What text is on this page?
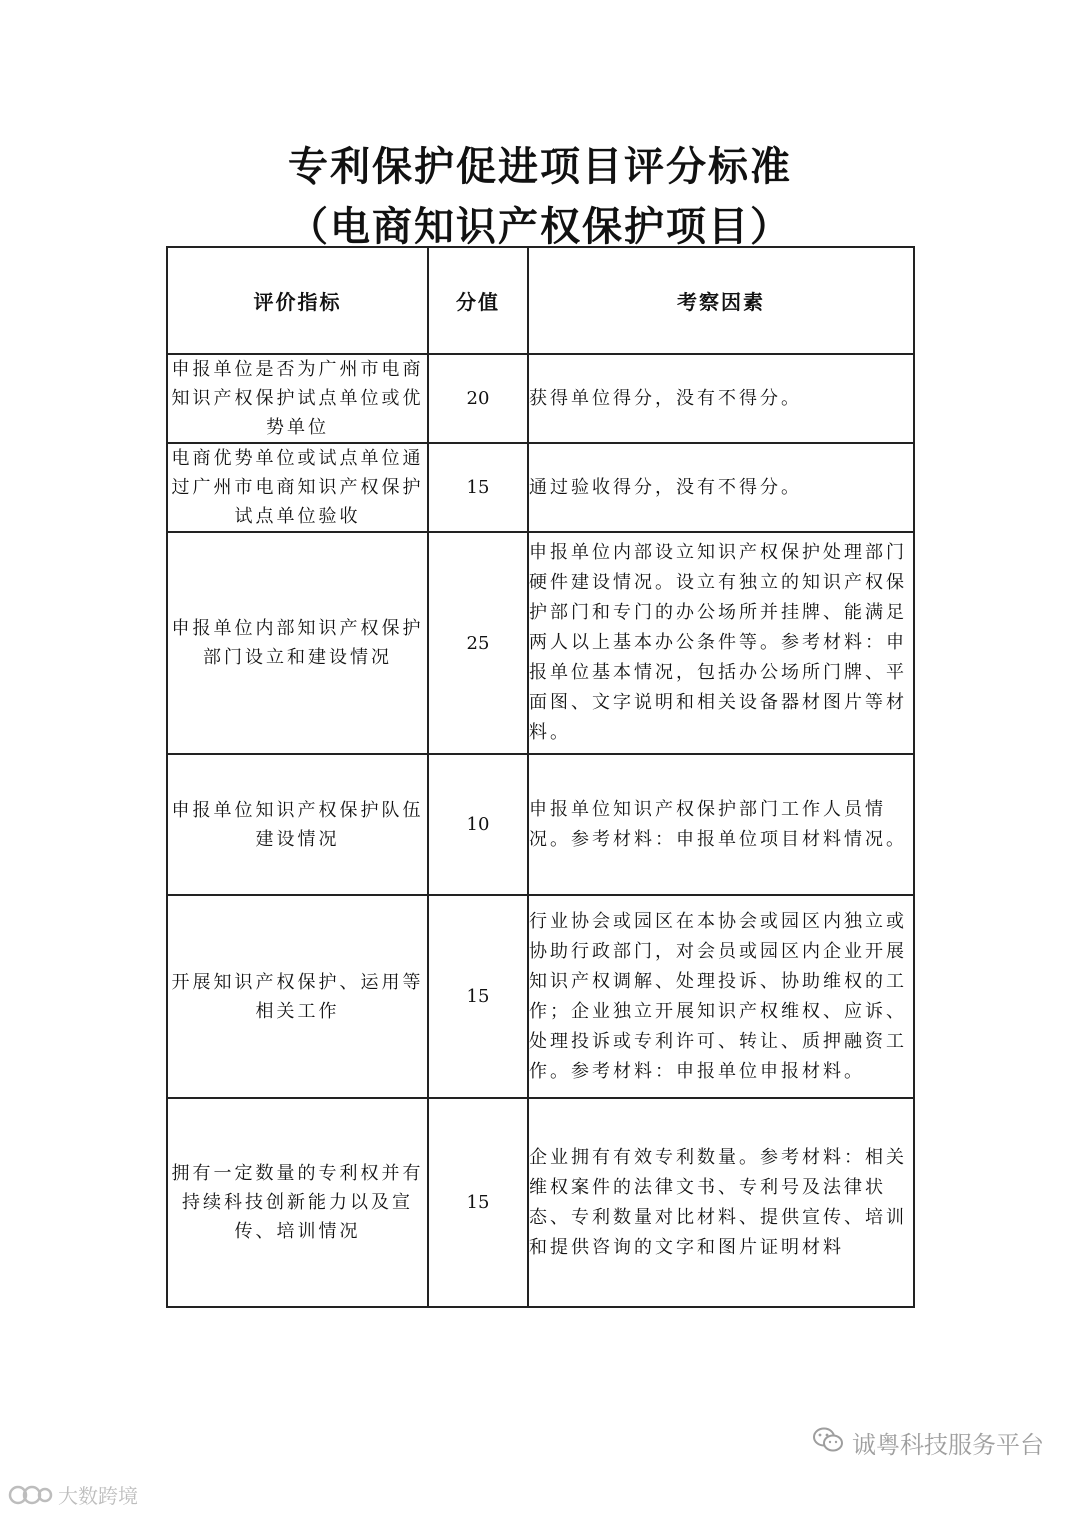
专利保护促进项目评分标准
（电商知识产权保护项目）
评价指标	分值	考察因素
申报单位是否为广州市电商知识产权保护试点单位或优势单位	20	获得单位得分，没有不得分。
电商优势单位或试点单位通过广州市电商知识产权保护试点单位验收	15	通过验收得分，没有不得分。
申报单位内部知识产权保护部门设立和建设情况	25	申报单位内部设立知识产权保护处理部门硬件建设情况。设立有独立的知识产权保护部门和专门的办公场所并挂牌、能满足两人以上基本办公条件等。参考材料：申报单位基本情况，包括办公场所门牌、平面图、文字说明和相关设备器材图片等材料。
申报单位知识产权保护队伍建设情况	10	申报单位知识产权保护部门工作人员情况。参考材料：申报单位项目材料情况。
开展知识产权保护、运用等相关工作	15	行业协会或园区在本协会或园区内独立或协助行政部门，对会员或园区内企业开展知识产权调解、处理投诉、协助维权的工作；企业独立开展知识产权维权、应诉、处理投诉或专利许可、转让、质押融资工作。参考材料：申报单位申报材料。
拥有一定数量的专利权并有持续科技创新能力以及宣传、培训情况	15	企业拥有有效专利数量。参考材料：相关维权案件的法律文书、专利号及法律状态、专利数量对比材料、提供宣传、培训和提供咨询的文字和图片证明材料
诚粤科技服务平台
大数跨境
